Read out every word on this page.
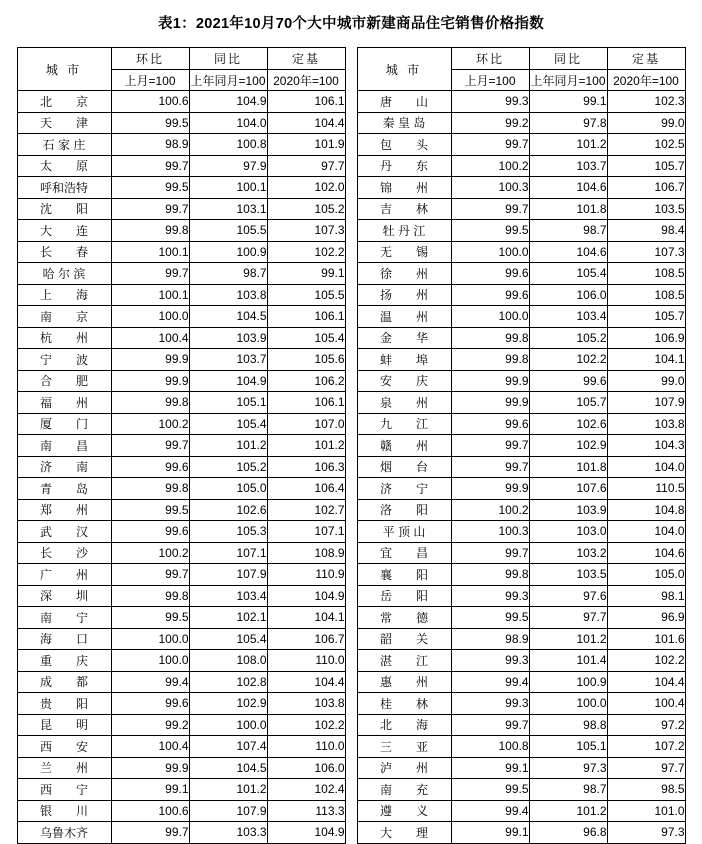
表1：2021年10月70个大中城市新建商品住宅销售价格指数
城 市	环比	同比	定基		城 市	环比	同比	定基
	上月=100	上年同月=100	2020年=100			上月=100	上年同月=100	2020年=100
北　　京	100.6	104.9	106.1		唐　　山	99.3	99.1	102.3
天　　津	99.5	104.0	104.4		秦 皇 岛	99.2	97.8	99.0
石 家 庄	98.9	100.8	101.9		包　　头	99.7	101.2	102.5
太　　原	99.7	97.9	97.7		丹　　东	100.2	103.7	105.7
呼和浩特	99.5	100.1	102.0		锦　　州	100.3	104.6	106.7
沈　　阳	99.7	103.1	105.2		吉　　林	99.7	101.8	103.5
大　　连	99.8	105.5	107.3		牡 丹 江	99.5	98.7	98.4
长　　春	100.1	100.9	102.2		无　　锡	100.0	104.6	107.3
哈 尔 滨	99.7	98.7	99.1		徐　　州	99.6	105.4	108.5
上　　海	100.1	103.8	105.5		扬　　州	99.6	106.0	108.5
南　　京	100.0	104.5	106.1		温　　州	100.0	103.4	105.7
杭　　州	100.4	103.9	105.4		金　　华	99.8	105.2	106.9
宁　　波	99.9	103.7	105.6		蚌　　埠	99.8	102.2	104.1
合　　肥	99.9	104.9	106.2		安　　庆	99.9	99.6	99.0
福　　州	99.8	105.1	106.1		泉　　州	99.9	105.7	107.9
厦　　门	100.2	105.4	107.0		九　　江	99.6	102.6	103.8
南　　昌	99.7	101.2	101.2		赣　　州	99.7	102.9	104.3
济　　南	99.6	105.2	106.3		烟　　台	99.7	101.8	104.0
青　　岛	99.8	105.0	106.4		济　　宁	99.9	107.6	110.5
郑　　州	99.5	102.6	102.7		洛　　阳	100.2	103.9	104.8
武　　汉	99.6	105.3	107.1		平 顶 山	100.3	103.0	104.0
长　　沙	100.2	107.1	108.9		宜　　昌	99.7	103.2	104.6
广　　州	99.7	107.9	110.9		襄　　阳	99.8	103.5	105.0
深　　圳	99.8	103.4	104.9		岳　　阳	99.3	97.6	98.1
南　　宁	99.5	102.1	104.1		常　　德	99.5	97.7	96.9
海　　口	100.0	105.4	106.7		韶　　关	98.9	101.2	101.6
重　　庆	100.0	108.0	110.0		湛　　江	99.3	101.4	102.2
成　　都	99.4	102.8	104.4		惠　　州	99.4	100.9	104.4
贵　　阳	99.6	102.9	103.8		桂　　林	99.3	100.0	100.4
昆　　明	99.2	100.0	102.2		北　　海	99.7	98.8	97.2
西　　安	100.4	107.4	110.0		三　　亚	100.8	105.1	107.2
兰　　州	99.9	104.5	106.0		泸　　州	99.1	97.3	97.7
西　　宁	99.1	101.2	102.4		南　　充	99.5	98.7	98.5
银　　川	100.6	107.9	113.3		遵　　义	99.4	101.2	101.0
乌鲁木齐	99.7	103.3	104.9		大　　理	99.1	96.8	97.3
